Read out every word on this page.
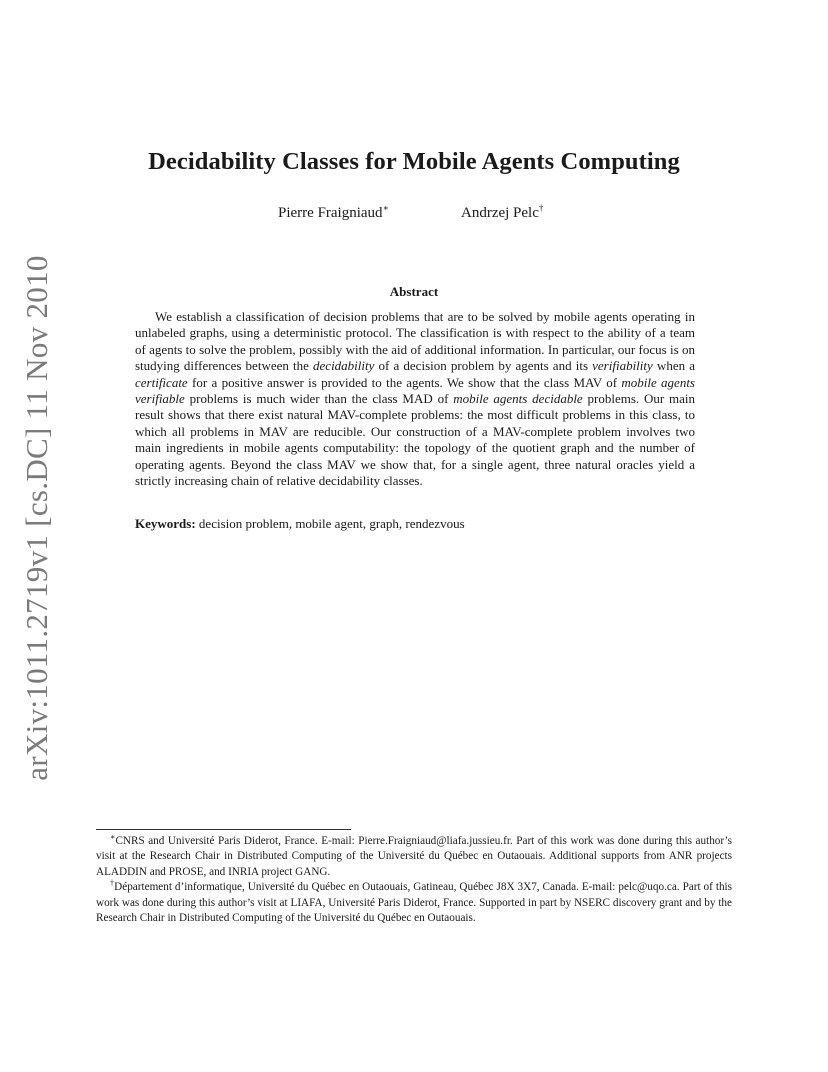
arXiv:1011.2719v1 [cs.DC] 11 Nov 2010
Decidability Classes for Mobile Agents Computing
Pierre Fraigniaud∗	Andrzej Pelc†
Abstract

We establish a classification of decision problems that are to be solved by mobile agents operating in unlabeled graphs, using a deterministic protocol. The classification is with respect to the ability of a team of agents to solve the problem, possibly with the aid of additional information. In particular, our focus is on studying differences between the decidability of a decision problem by agents and its verifiability when a certificate for a positive answer is provided to the agents. We show that the class MAV of mobile agents verifiable problems is much wider than the class MAD of mobile agents decidable problems. Our main result shows that there exist natural MAV-complete problems: the most difficult problems in this class, to which all problems in MAV are reducible. Our construction of a MAV-complete problem involves two main ingredients in mobile agents computability: the topology of the quotient graph and the number of operating agents. Beyond the class MAV we show that, for a single agent, three natural oracles yield a strictly increasing chain of relative decidability classes.

Keywords: decision problem, mobile agent, graph, rendezvous

∗CNRS and Université Paris Diderot, France. E-mail: Pierre.Fraigniaud@liafa.jussieu.fr. Part of this work was done during this author’s visit at the Research Chair in Distributed Computing of the Université du Québec en Outaouais. Additional supports from ANR projects ALADDIN and PROSE, and INRIA project GANG.

†Département d’informatique, Université du Québec en Outaouais, Gatineau, Québec J8X 3X7, Canada. E-mail: pelc@uqo.ca. Part of this work was done during this author’s visit at LIAFA, Université Paris Diderot, France. Supported in part by NSERC discovery grant and by the Research Chair in Distributed Computing of the Université du Québec en Outaouais.
